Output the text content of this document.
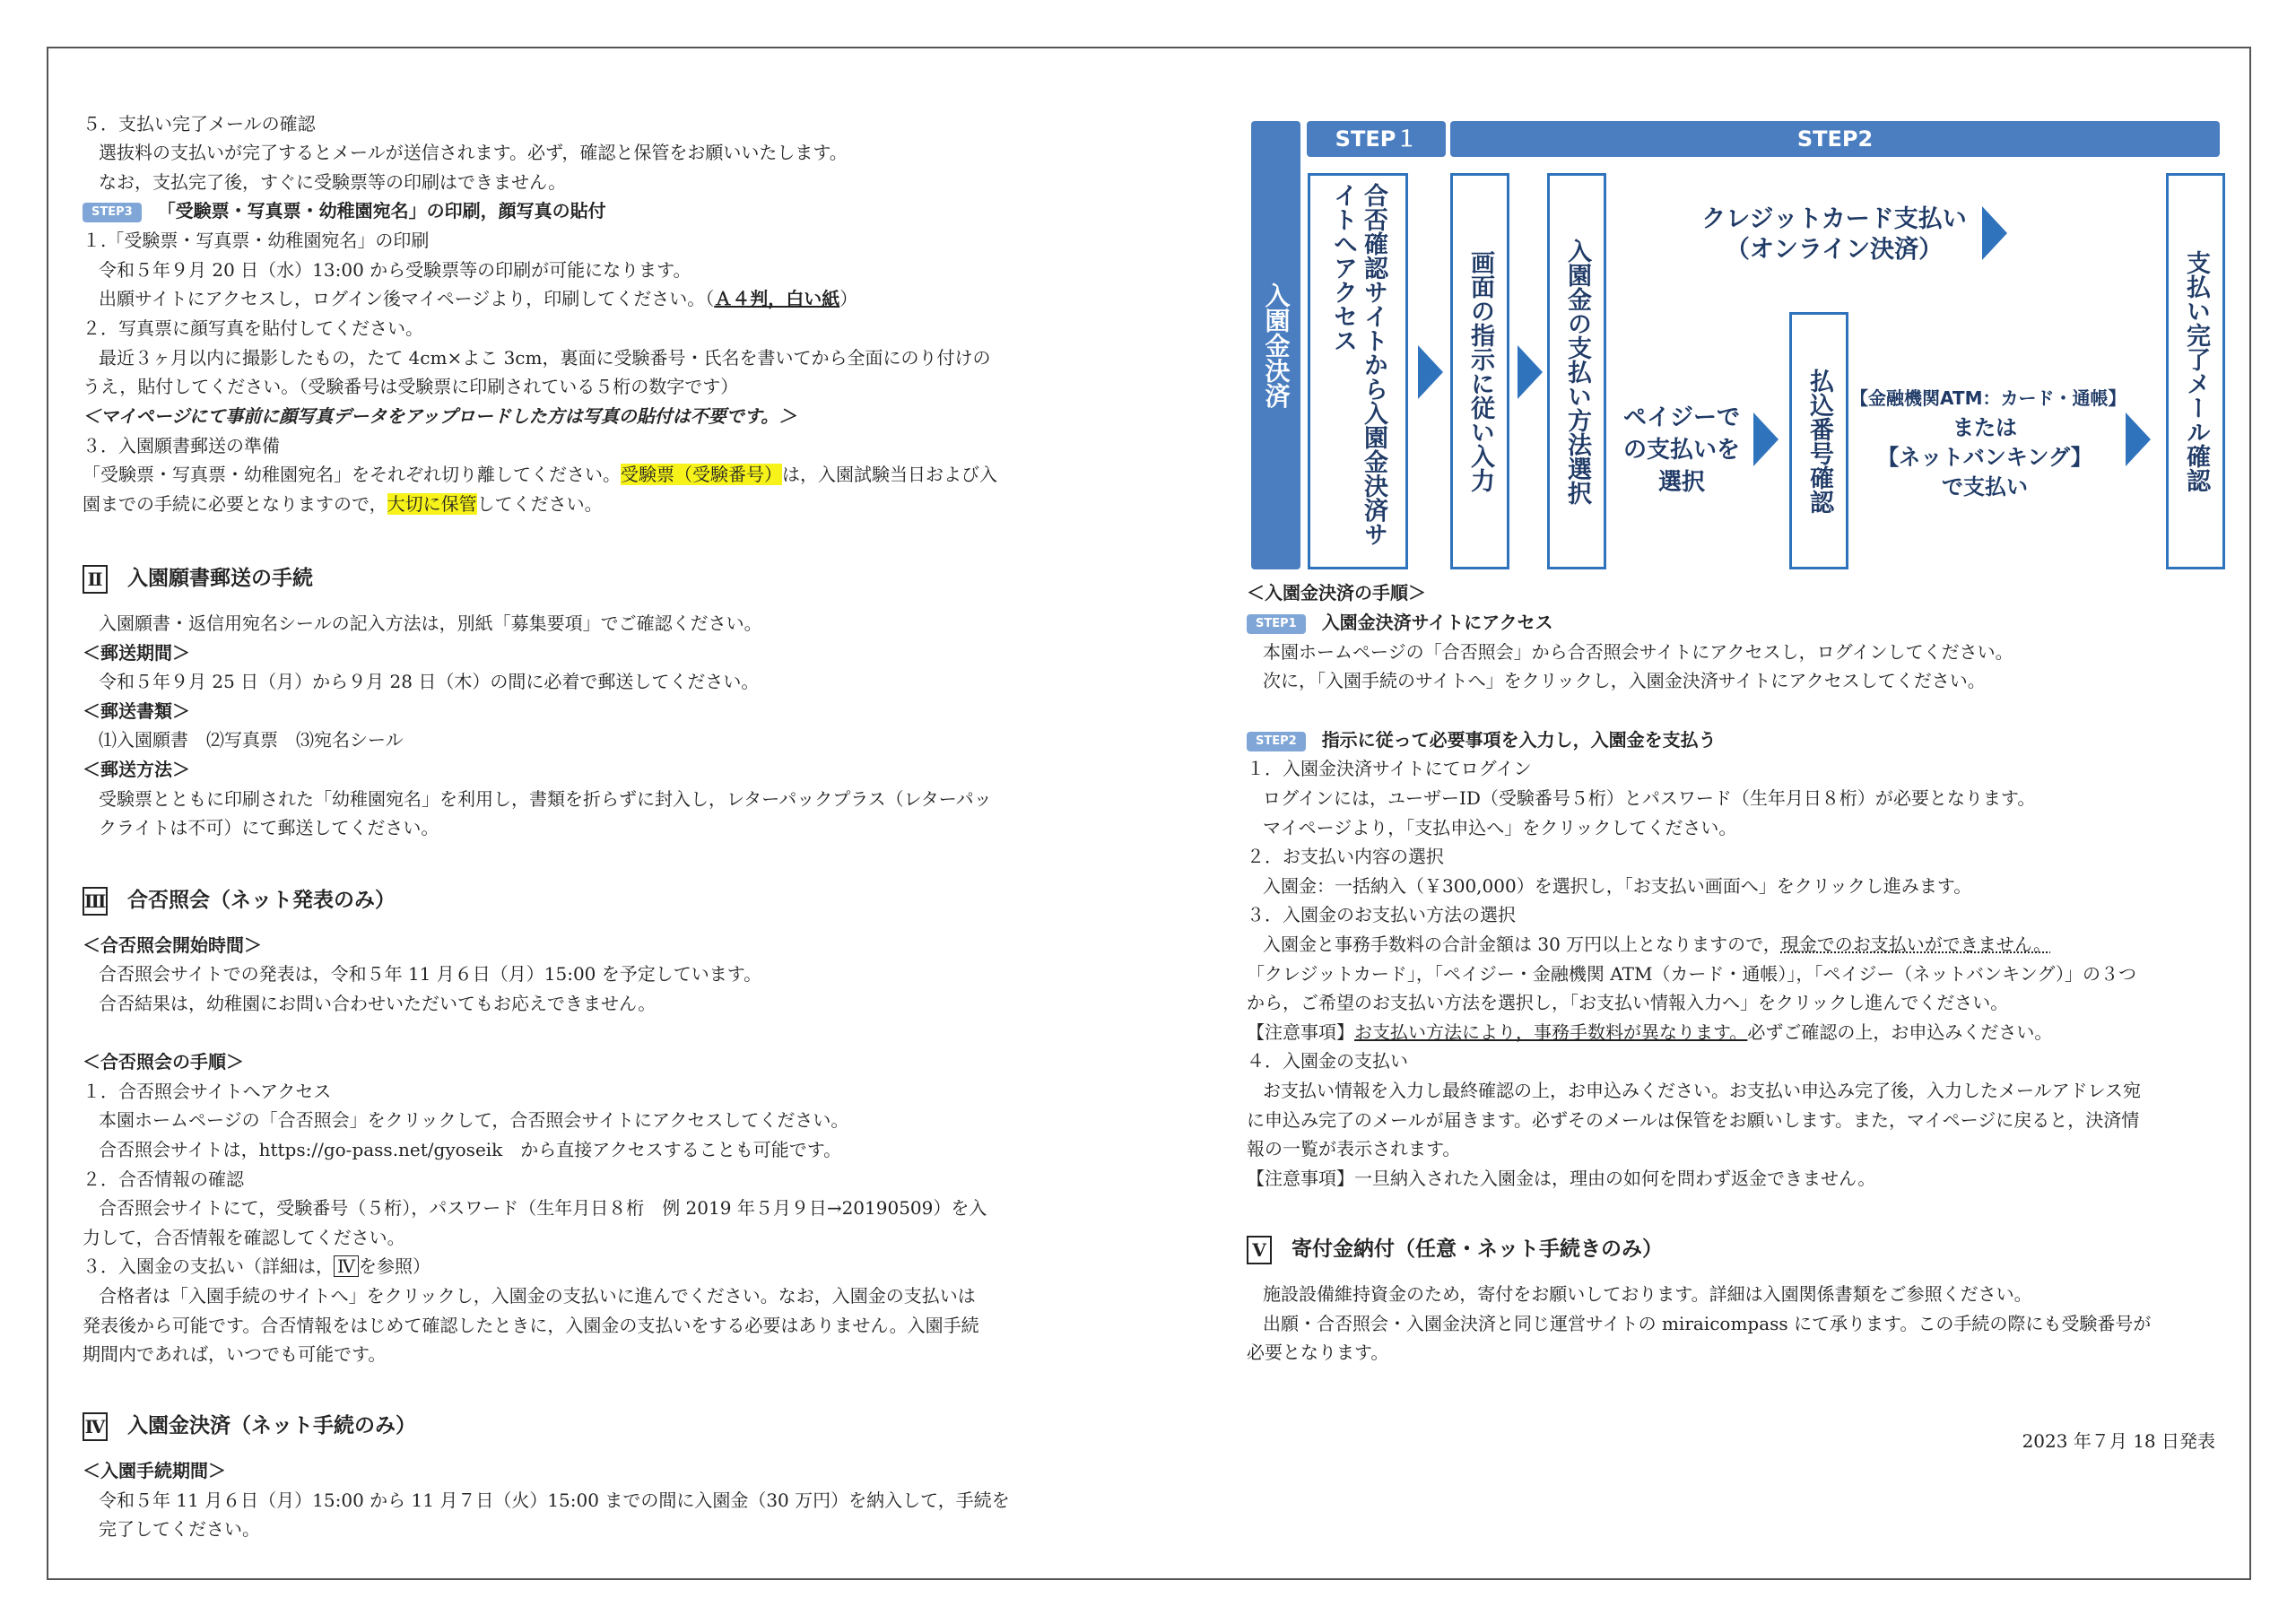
５．支払い完了メールの確認
選抜料の支払いが完了するとメールが送信されます。必ず，確認と保管をお願いいたします。
なお，支払完了後，すぐに受験票等の印刷はできません。
STEP3 「受験票・写真票・幼稚園宛名」の印刷，顔写真の貼付
１.「受験票・写真票・幼稚園宛名」の印刷
令和５年９月 20 日（水）13:00 から受験票等の印刷が可能になります。
出願サイトにアクセスし，ログイン後マイページより，印刷してください。（Ａ４判，白い紙）
２．写真票に顔写真を貼付してください。
最近３ヶ月以内に撮影したもの，たて 4cm×よこ 3cm，裏面に受験番号・氏名を書いてから全面にのり付けの
うえ，貼付してください。（受験番号は受験票に印刷されている５桁の数字です）
＜マイページにて事前に顔写真データをアップロードした方は写真の貼付は不要です。＞
３．入園願書郵送の準備
「受験票・写真票・幼稚園宛名」をそれぞれ切り離してください。受験票（受験番号）は，入園試験当日および入
園までの手続に必要となりますので，大切に保管してください。
Ⅱ 入園願書郵送の手続
入園願書・返信用宛名シールの記入方法は，別紙「募集要項」でご確認ください。
＜郵送期間＞
令和５年９月 25 日（月）から９月 28 日（木）の間に必着で郵送してください。
＜郵送書類＞
⑴入園願書　⑵写真票　⑶宛名シール
＜郵送方法＞
受験票とともに印刷された「幼稚園宛名」を利用し，書類を折らずに封入し，レターパックプラス（レターパッ
クライトは不可）にて郵送してください。
Ⅲ 合否照会（ネット発表のみ）
＜合否照会開始時間＞
合否照会サイトでの発表は，令和５年 11 月６日（月）15:00 を予定しています。
合否結果は，幼稚園にお問い合わせいただいてもお応えできません。
＜合否照会の手順＞
１．合否照会サイトへアクセス
本園ホームページの「合否照会」をクリックして，合否照会サイトにアクセスしてください。
合否照会サイトは，https://go-pass.net/gyoseik　から直接アクセスすることも可能です。
２．合否情報の確認
合否照会サイトにて，受験番号（５桁），パスワード（生年月日８桁　例 2019 年５月９日→20190509）を入
力して，合否情報を確認してください。
３．入園金の支払い（詳細は， Ⅳ を参照）
合格者は「入園手続のサイトへ」をクリックし，入園金の支払いに進んでください。なお，入園金の支払いは
発表後から可能です。合否情報をはじめて確認したときに，入園金の支払いをする必要はありません。入園手続
期間内であれば，いつでも可能です。
Ⅳ 入園金決済（ネット手続のみ）
＜入園手続期間＞
令和５年 11 月６日（月）15:00 から 11 月７日（火）15:00 までの間に入園金（30 万円）を納入して，手続を
完了してください。
入園金決済
STEP１	STEP2
合否確認サイトから入園金決済サイトへアクセス	画面の指示に従い入力	入園金の支払い方法選択
クレジットカード支払い
（オンライン決済）
ペイジーで
の支払いを
選択	払込番号確認 【金融機関ATM：カード・通帳】
または
【ネットバンキング】
で支払い	支払い完了メール確認
＜入園金決済の手順＞
STEP1 入園金決済サイトにアクセス
本園ホームページの「合否照会」から合否照会サイトにアクセスし，ログインしてください。
次に，「入園手続のサイトへ」をクリックし，入園金決済サイトにアクセスしてください。
STEP2 指示に従って必要事項を入力し，入園金を支払う
１．入園金決済サイトにてログイン
ログインには，ユーザーID（受験番号５桁）とパスワード（生年月日８桁）が必要となります。
マイページより，「支払申込へ」をクリックしてください。
２．お支払い内容の選択
入園金：一括納入（￥300,000）を選択し，「お支払い画面へ」をクリックし進みます。
３．入園金のお支払い方法の選択
入園金と事務手数料の合計金額は 30 万円以上となりますので，現金でのお支払いができません。
「クレジットカード」，「ペイジー・金融機関 ATM（カード・通帳）」，「ペイジー（ネットバンキング）」の３つ
から，ご希望のお支払い方法を選択し，「お支払い情報入力へ」をクリックし進んでください。
【注意事項】お支払い方法により，事務手数料が異なります。必ずご確認の上，お申込みください。
４．入園金の支払い
お支払い情報を入力し最終確認の上，お申込みください。お支払い申込み完了後，入力したメールアドレス宛
に申込み完了のメールが届きます。必ずそのメールは保管をお願いします。また，マイページに戻ると，決済情
報の一覧が表示されます。
【注意事項】一旦納入された入園金は，理由の如何を問わず返金できません。
Ⅴ 寄付金納付（任意・ネット手続きのみ）
施設設備維持資金のため，寄付をお願いしております。詳細は入園関係書類をご参照ください。
出願・合否照会・入園金決済と同じ運営サイトの miraicompass にて承ります。この手続の際にも受験番号が
必要となります。
2023 年７月 18 日発表
